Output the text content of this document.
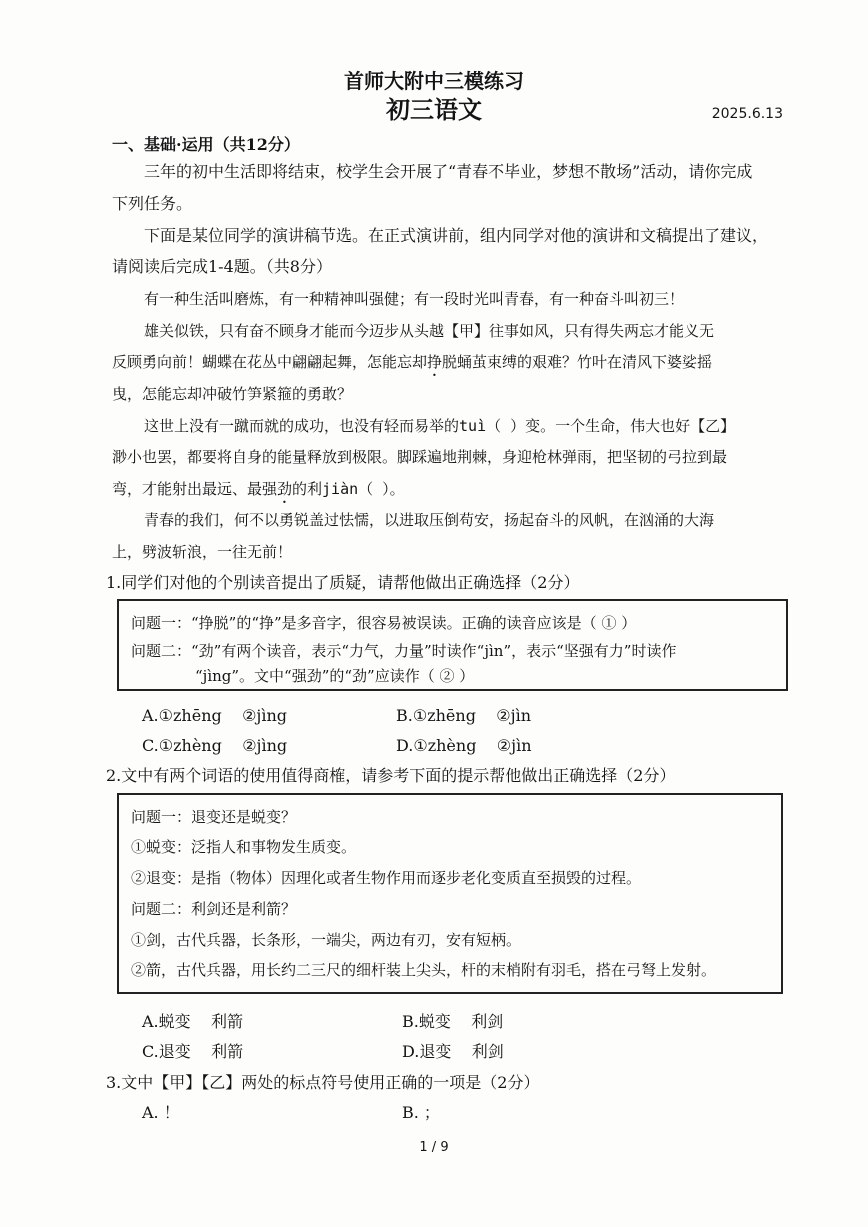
首师大附中三模练习
初三语文	2025.6.13
一、基础·运用（共12分）
三年的初中生活即将结束，校学生会开展了“青春不毕业，梦想不散场”活动，请你完成
下列任务。
下面是某位同学的演讲稿节选。在正式演讲前，组内同学对他的演讲和文稿提出了建议，
请阅读后完成1-4题。（共8分）
有一种生活叫磨炼，有一种精神叫强健；有一段时光叫青春，有一种奋斗叫初三！
雄关似铁，只有奋不顾身才能而今迈步从头越【甲】往事如风，只有得失两忘才能义无
反顾勇向前！蝴蝶在花丛中翩翩起舞，怎能忘却挣脱蛹茧束缚的艰难？竹叶在清风下婆娑摇
曳，怎能忘却冲破竹笋紧箍的勇敢？
这世上没有一蹴而就的成功，也没有轻而易举的tuì（ ）变。一个生命，伟大也好【乙】
渺小也罢，都要将自身的能量释放到极限。脚踩遍地荆棘，身迎枪林弹雨，把坚韧的弓拉到最
弯，才能射出最远、最强劲的利jiàn（ ）。
青春的我们，何不以勇锐盖过怯懦，以进取压倒苟安，扬起奋斗的风帆，在汹涌的大海
上，劈波斩浪，一往无前！
1.同学们对他的个别读音提出了质疑，请帮他做出正确选择（2分）
问题一：“挣脱”的“挣”是多音字，很容易被误读。正确的读音应该是（ ① ）
问题二：“劲”有两个读音，表示“力气，力量”时读作“jìn”，表示“坚强有力”时读作
“jìng”。文中“强劲”的“劲”应读作（ ② ）
A.①zhēng    ②jìng	B.①zhēng    ②jìn
C.①zhèng    ②jìng	D.①zhèng    ②jìn
2.文中有两个词语的使用值得商榷，请参考下面的提示帮他做出正确选择（2分）
问题一：退变还是蜕变？
①蜕变：泛指人和事物发生质变。
②退变：是指（物体）因理化或者生物作用而逐步老化变质直至损毁的过程。
问题二：利剑还是利箭？
①剑，古代兵器，长条形，一端尖，两边有刃，安有短柄。
②箭，古代兵器，用长约二三尺的细杆装上尖头，杆的末梢附有羽毛，搭在弓弩上发射。
A.蜕变    利箭	B.蜕变    利剑
C.退变    利箭	D.退变    利剑
3.文中【甲】【乙】两处的标点符号使用正确的一项是（2分）
A. ！	B. ；
1 / 9
